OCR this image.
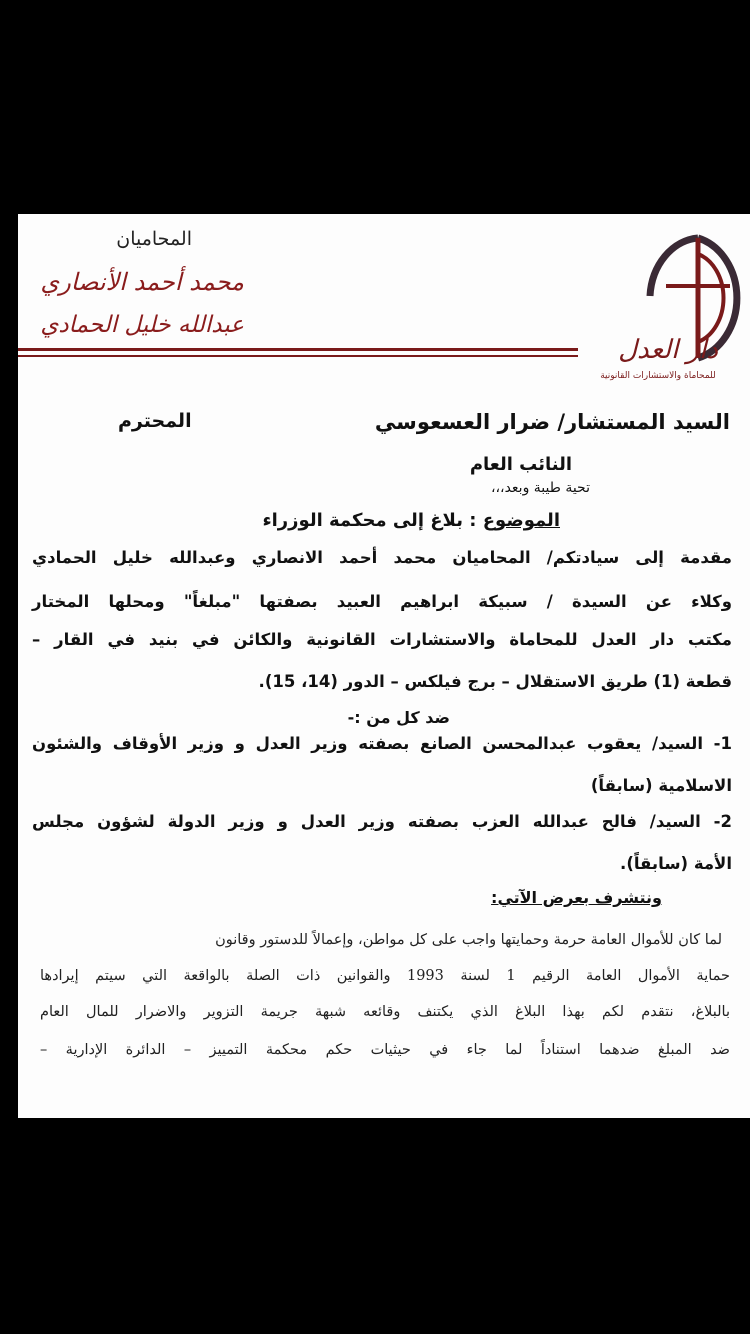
المحاميان
محمد أحمد الأنصاري
عبدالله خليل الحمادي
دار العدل
للمحاماة والاستشارات القانونية
السيد المستشار/ ضرار العسعوسي
المحترم
النائب العام
تحية طيبة وبعد،،،
الموضوع : بلاغ إلى محكمة الوزراء
مقدمة إلى سيادتكم/ المحاميان محمد أحمد الانصاري وعبدالله خليل الحمادي
وكلاء عن السيدة / سبيكة ابراهيم العبيد بصفتها "مبلغاً" ومحلها المختار
مكتب دار العدل للمحاماة والاستشارات القانونية والكائن في بنيد في القار –
قطعة (1) طريق الاستقلال – برج فيلكس – الدور (14، 15).
ضد كل من :-
1- السيد/ يعقوب عبدالمحسن الصانع بصفته وزير العدل و وزير الأوقاف والشئون
الاسلامية (سابقاً)
2- السيد/ فالح عبدالله العزب بصفته وزير العدل و وزير الدولة لشؤون مجلس
الأمة (سابقاً).
ونتشرف بعرض الآتي:
لما كان للأموال العامة حرمة وحمايتها واجب على كل مواطن، وإعمالاً للدستور وقانون
حماية الأموال العامة الرقيم 1 لسنة 1993 والقوانين ذات الصلة بالواقعة التي سيتم إيرادها
بالبلاغ، نتقدم لكم بهذا البلاغ الذي يكتنف وقائعه شبهة جريمة التزوير والاضرار للمال العام
ضد المبلغ ضدهما استناداً لما جاء في حيثيات حكم محكمة التمييز – الدائرة الإدارية –
